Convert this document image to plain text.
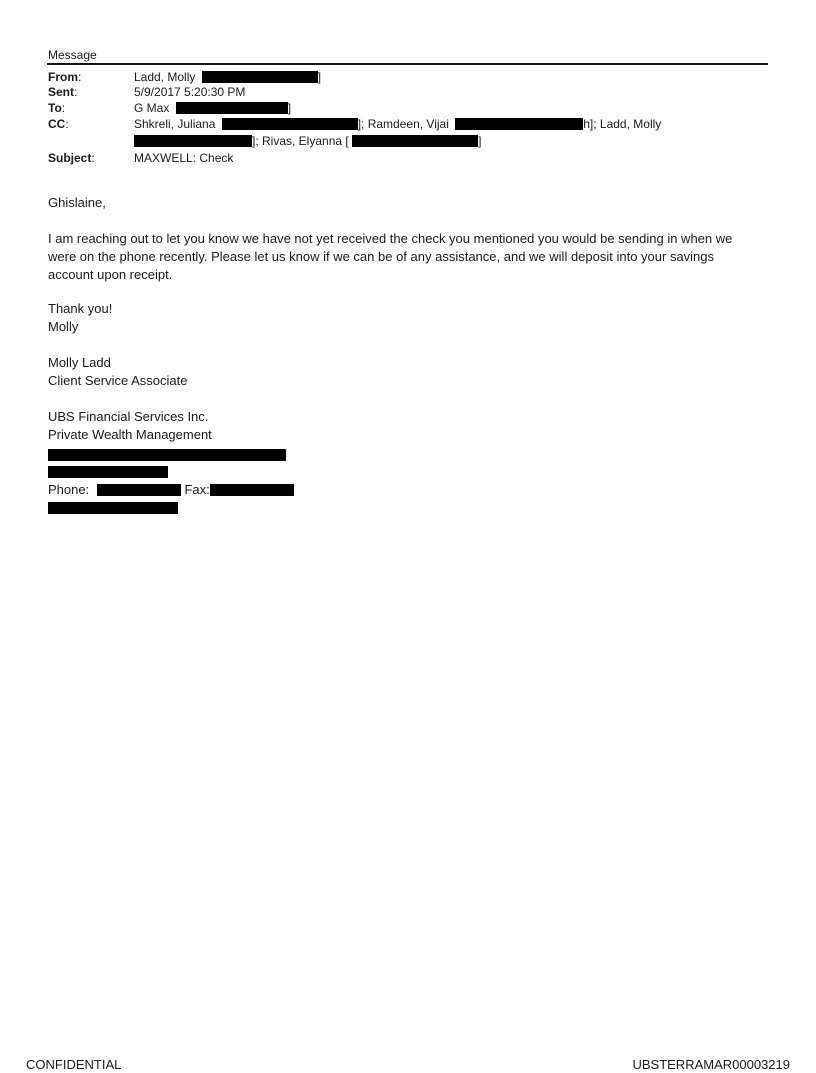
Message
From:	Ladd, Molly	]
Sent:	5/9/2017 5:20:30 PM
To:	G Max	]
CC:	Shkreli, Juliana	]; Ramdeen, Vijai	h]; Ladd, Molly
]; Rivas, Elyanna [	]
Subject:	MAXWELL: Check
Ghislaine,
I am reaching out to let you know we have not yet received the check you mentioned you would be sending in when we
were on the phone recently. Please let us know if we can be of any assistance, and we will deposit into your savings
account upon receipt.
Thank you!
Molly
Molly Ladd
Client Service Associate
UBS Financial Services Inc.
Private Wealth Management
Phone:	Fax:
CONFIDENTIAL	UBSTERRAMAR00003219
